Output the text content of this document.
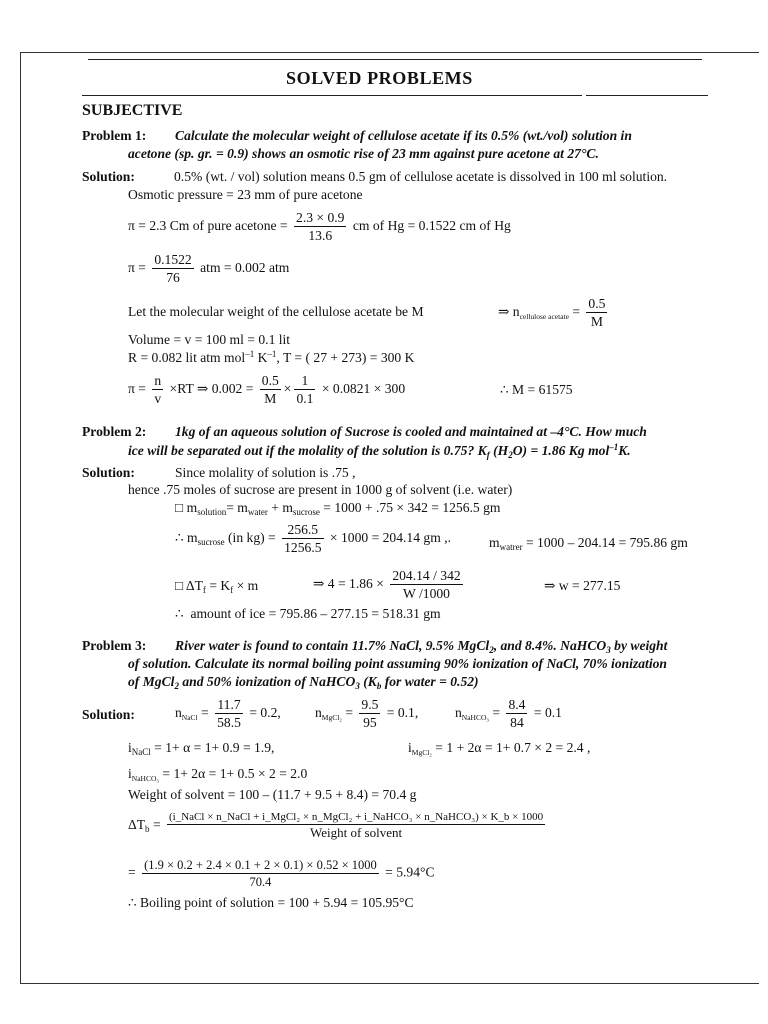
SOLVED PROBLEMS
SUBJECTIVE
Problem 1: Calculate the molecular weight of cellulose acetate if its 0.5% (wt./vol) solution in
acetone (sp. gr. = 0.9) shows an osmotic rise of 23 mm against pure acetone at 27°C.
Solution:	0.5% (wt. / vol) solution means 0.5 gm of cellulose acetate is dissolved in 100 ml solution.
Osmotic pressure = 23 mm of pure acetone
π = 2.3 Cm of pure acetone = $\frac{2.3 \times 0.9}{13.6}$ cm of Hg = 0.1522 cm of Hg
$\pi = \frac{0.1522}{76}$ atm = 0.002 atm
Let the molecular weight of the cellulose acetate be M	⇒ $n_{cellulose acetate} = \frac{0.5}{M}$
Volume = v = 100 ml = 0.1 lit
R = 0.082 lit atm mol$^{-1}$ $K^{-1}$, T = ( 27 + 273) = 300 K
$\pi = \frac{n}{v} \times RT$ ⇒ $0.002 = \frac{0.5}{M} \times \frac{1}{0.1} \times 0.0821 \times 300$	∴ M = 61575
Problem 2: 1kg of an aqueous solution of Sucrose is cooled and maintained at –4°C. How much
ice will be separated out if the molality of the solution is 0.75? $K_f$ $(H_2O) = 1.86$ Kg mol$^{-1}$K.
Solution:	Since molality of solution is .75 ,
hence .75 moles of sucrose are present in 1000 g of solvent (i.e. water)
□ $m_{solution}= m_{water} + m_{sucrose} = 1000 + .75 \times 342 = 1256.5$ gm
∴ $m_{sucrose}$ (in $kg) = \frac{256.5}{1256.5} \times 1000 = 204.14$ gm ,.	$m_{watrer} = 1000 - 204.14 = 795.86$ gm
□ $\Delta T_f = K_f \times m$	⇒ $4 = 1.86 \times \frac{204.14 / 342}{W /1000}$	⇒ w = 277.15
∴ amount of ice = 795.86 – 277.15 = 518.31 gm
Problem 3: River water is found to contain 11.7% NaCl, 9.5% MgCl$_2$, and 8.4%. NaHCO$_3$ by weight
of solution. Calculate its normal boiling point assuming 90% ionization of NaCl, 70% ionization
of MgCl$_2$ and 50% ionization of NaHCO$_3$ ($K_b$ for water = 0.52)
Solution:	$n_{NaCl} = \frac{11.7}{58.5} = 0.2$,	$n_{MgCl_2} = \frac{9.5}{95} = 0.1$,	$n_{NaHCO_3} = \frac{8.4}{84} = 0.1$
$i_{NaCl} = 1+ \alpha = 1+ 0.9 = 1.9$,	$i_{MgCl_2} = 1 + 2\alpha = 1+ 0.7 \times 2 = 2.4$ ,
$i_{NaHCO_3} = 1+ 2\alpha = 1+ 0.5 \times 2 = 2.0$
Weight of solvent = 100 – (11.7 + 9.5 + 8.4) = 70.4 g
$\Delta T_b$ =
(i_NaCl × n_NaCl + i_MgCl₂ × n_MgCl₂ + i_NaHCO₃ × n_NaHCO₃) × K_b × 1000
Weight of solvent
= $\frac{(1.9 \times 0.2 + 2.4 \times 0.1 + 2 \times 0.1) \times 0.52 \times 1000}{70.4} = 5.94^\circ C$
∴ Boiling point of solution = 100 + 5.94 = 105.95°C
